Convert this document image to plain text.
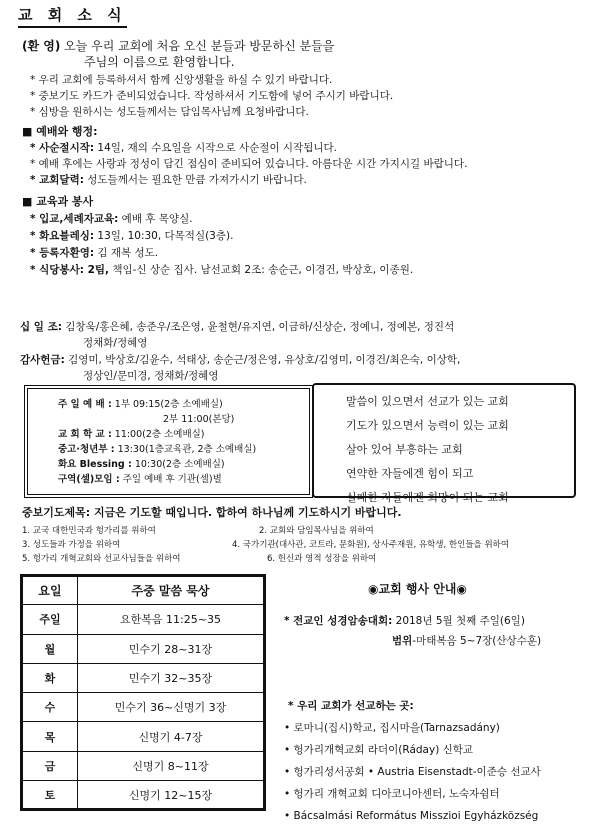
교 회 소 식
(환 영) 오늘 우리 교회에 처음 오신 분들과 방문하신 분들을
주님의 이름으로 환영합니다.
* 우리 교회에 등록하셔서 함께 신앙생활을 하실 수 있기 바랍니다.
* 중보기도 카드가 준비되었습니다. 작성하셔서 기도함에 넣어 주시기 바랍니다.
* 심방을 원하시는 성도들께서는 담임목사님께 요청바랍니다.
■ 예배와 행정:
* 사순절시작: 14일, 재의 수요일을 시작으로 사순절이 시작됩니다.
* 예배 후에는 사랑과 정성이 담긴 점심이 준비되어 있습니다. 아름다운 시간 가지시길 바랍니다.
* 교회달력: 성도들께서는 필요한 만큼 가져가시기 바랍니다.
■ 교육과 봉사
* 입교,세례자교육: 예배 후 목양실.
* 화요블레싱: 13일, 10:30, 다목적실(3층).
* 등록자환영: 김 재복 성도.
* 식당봉사: 2팀, 책임-신 상순 집사. 남선교회 2조: 송순근, 이경건, 박상호, 이종원.
십 일 조: 김창욱/홍은혜, 송준우/조은영, 윤철현/유지연, 이금하/신상순, 정예니, 정예본, 정진석
정채화/정혜영
감사헌금: 김영미, 박상호/김윤수, 석태상, 송순근/정은영, 유상호/김영미, 이경건/최은숙, 이상학,
정상인/문미경, 정채화/정혜영
주 일 예 배 : 1부 09:15(2층 소예배실)
2부 11:00(본당)
교 회 학 교 : 11:00(2층 소예배실)
중고·청년부 : 13:30(1층교육관, 2층 소예배실)
화요 Blessing : 10:30(2층 소예배실)
구역(셀)모임 : 주일 예배 후 기관(셀)별
말씀이 있으면서 선교가 있는 교회
기도가 있으면서 능력이 있는 교회
살아 있어 부흥하는 교회
연약한 자들에겐 힘이 되고
실패한 자들에겐 희망이 되는 교회
중보기도제목: 지금은 기도할 때입니다. 합하여 하나님께 기도하시기 바랍니다.
1. 교국 대한민국과 헝가리를 위하여	2. 교회와 담임목사님을 위하여
3. 성도들과 가정을 위하여	4. 국가기관(대사관, 코트라, 문화원), 상사주재원, 유학생, 한인들을 위하여
5. 헝가리 개혁교회와 선교사님들을 위하여	6. 헌신과 영적 성장을 위하여
요일	주중 말씀 묵상
주일	요한복음 11:25~35
월	민수기 28~31장
화	민수기 32~35장
수	민수기 36~신명기 3장
목	신명기 4-7장
금	신명기 8~11장
토	신명기 12~15장
◉교회 행사 안내◉
* 전교인 성경암송대회: 2018년 5월 첫째 주일(6일)
범위-마태복음 5~7장(산상수훈)
* 우리 교회가 선교하는 곳:
• 로마니(집시)학교, 집시마을(Tarnazsadány)
• 헝가리개혁교회 라더이(Ráday) 신학교
• 헝가리성서공회 • Austria Eisenstadt-이준승 선교사
• 헝가리 개혁교회 디아코니아센터, 노숙자쉼터
• Bácsalmási Református Misszioi Egyházközség
